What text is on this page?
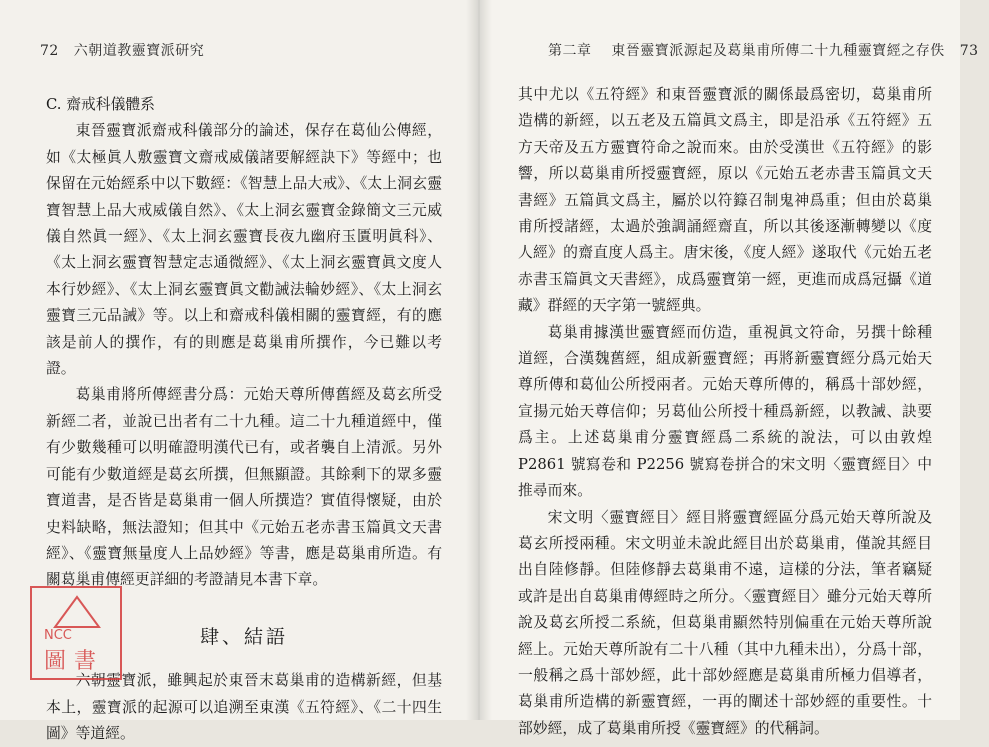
72 六朝道教靈寶派研究
C. 齋戒科儀體系

東晉靈寶派齋戒科儀部分的論述，保存在葛仙公傳經，如《太極眞人敷靈寶文齋戒威儀諸要解經訣下》等經中；也保留在元始經系中以下數經：《智慧上品大戒》、《太上洞玄靈寶智慧上品大戒威儀自然》、《太上洞玄靈寶金錄簡文三元威儀自然眞一經》、《太上洞玄靈寶長夜九幽府玉匱明眞科》、《太上洞玄靈寶智慧定志通微經》、《太上洞玄靈寶眞文度人本行妙經》、《太上洞玄靈寶眞文勸誡法輪妙經》、《太上洞玄靈寶三元品誡》等。以上和齋戒科儀相關的靈寶經，有的應該是前人的撰作，有的則應是葛巢甫所撰作，今已難以考證。

葛巢甫將所傳經書分爲：元始天尊所傳舊經及葛玄所受新經二者，並說已出者有二十九種。這二十九種道經中，僅有少數幾種可以明確證明漢代已有，或者襲自上清派。另外可能有少數道經是葛玄所撰，但無顯證。其餘剩下的眾多靈寶道書，是否皆是葛巢甫一個人所撰造？實值得懷疑，由於史料缺略，無法證知；但其中《元始五老赤書玉篇眞文天書經》、《靈寶無量度人上品妙經》等書，應是葛巢甫所造。有關葛巢甫傳經更詳細的考證請見本書下章。

肆、結語

六朝靈寶派，雖興起於東晉末葛巢甫的造構新經，但基本上，靈寶派的起源可以追溯至東漢《五符經》、《二十四生圖》等道經。

NCC
圖書
第二章 東晉靈寶派源起及葛巢甫所傳二十九種靈寶經之存佚 73

其中尤以《五符經》和東晉靈寶派的關係最爲密切，葛巢甫所造構的新經，以五老及五篇眞文爲主，即是沿承《五符經》五方天帝及五方靈寶符命之說而來。由於受漢世《五符經》的影響，所以葛巢甫所授靈寶經，原以《元始五老赤書玉篇眞文天書經》五篇眞文爲主，屬於以符籙召制鬼神爲重；但由於葛巢甫所授諸經，太過於強調誦經齋直，所以其後逐漸轉變以《度人經》的齋直度人爲主。唐宋後，《度人經》遂取代《元始五老赤書玉篇眞文天書經》，成爲靈寶第一經，更進而成爲冠攝《道藏》群經的天字第一號經典。

葛巢甫據漢世靈寶經而仿造，重視眞文符命，另撰十餘種道經，合漢魏舊經，組成新靈寶經；再將新靈寶經分爲元始天尊所傳和葛仙公所授兩者。元始天尊所傳的，稱爲十部妙經，宣揚元始天尊信仰；另葛仙公所授十種爲新經，以教誡、訣要爲主。上述葛巢甫分靈寶經爲二系統的說法，可以由敦煌 P2861 號寫卷和 P2256 號寫卷拼合的宋文明〈靈寶經目〉中推尋而來。

宋文明〈靈寶經目〉經目將靈寶經區分爲元始天尊所說及葛玄所授兩種。宋文明並未說此經目出於葛巢甫，僅說其經目出自陸修靜。但陸修靜去葛巢甫不遠，這樣的分法，筆者竊疑或許是出自葛巢甫傳經時之所分。〈靈寶經目〉雖分元始天尊所說及葛玄所授二系統，但葛巢甫顯然特別偏重在元始天尊所說經上。元始天尊所說有二十八種（其中九種未出），分爲十部，一般稱之爲十部妙經，此十部妙經應是葛巢甫所極力倡導者，葛巢甫所造構的新靈寶經，一再的闡述十部妙經的重要性。十部妙經，成了葛巢甫所授《靈寶經》的代稱詞。
